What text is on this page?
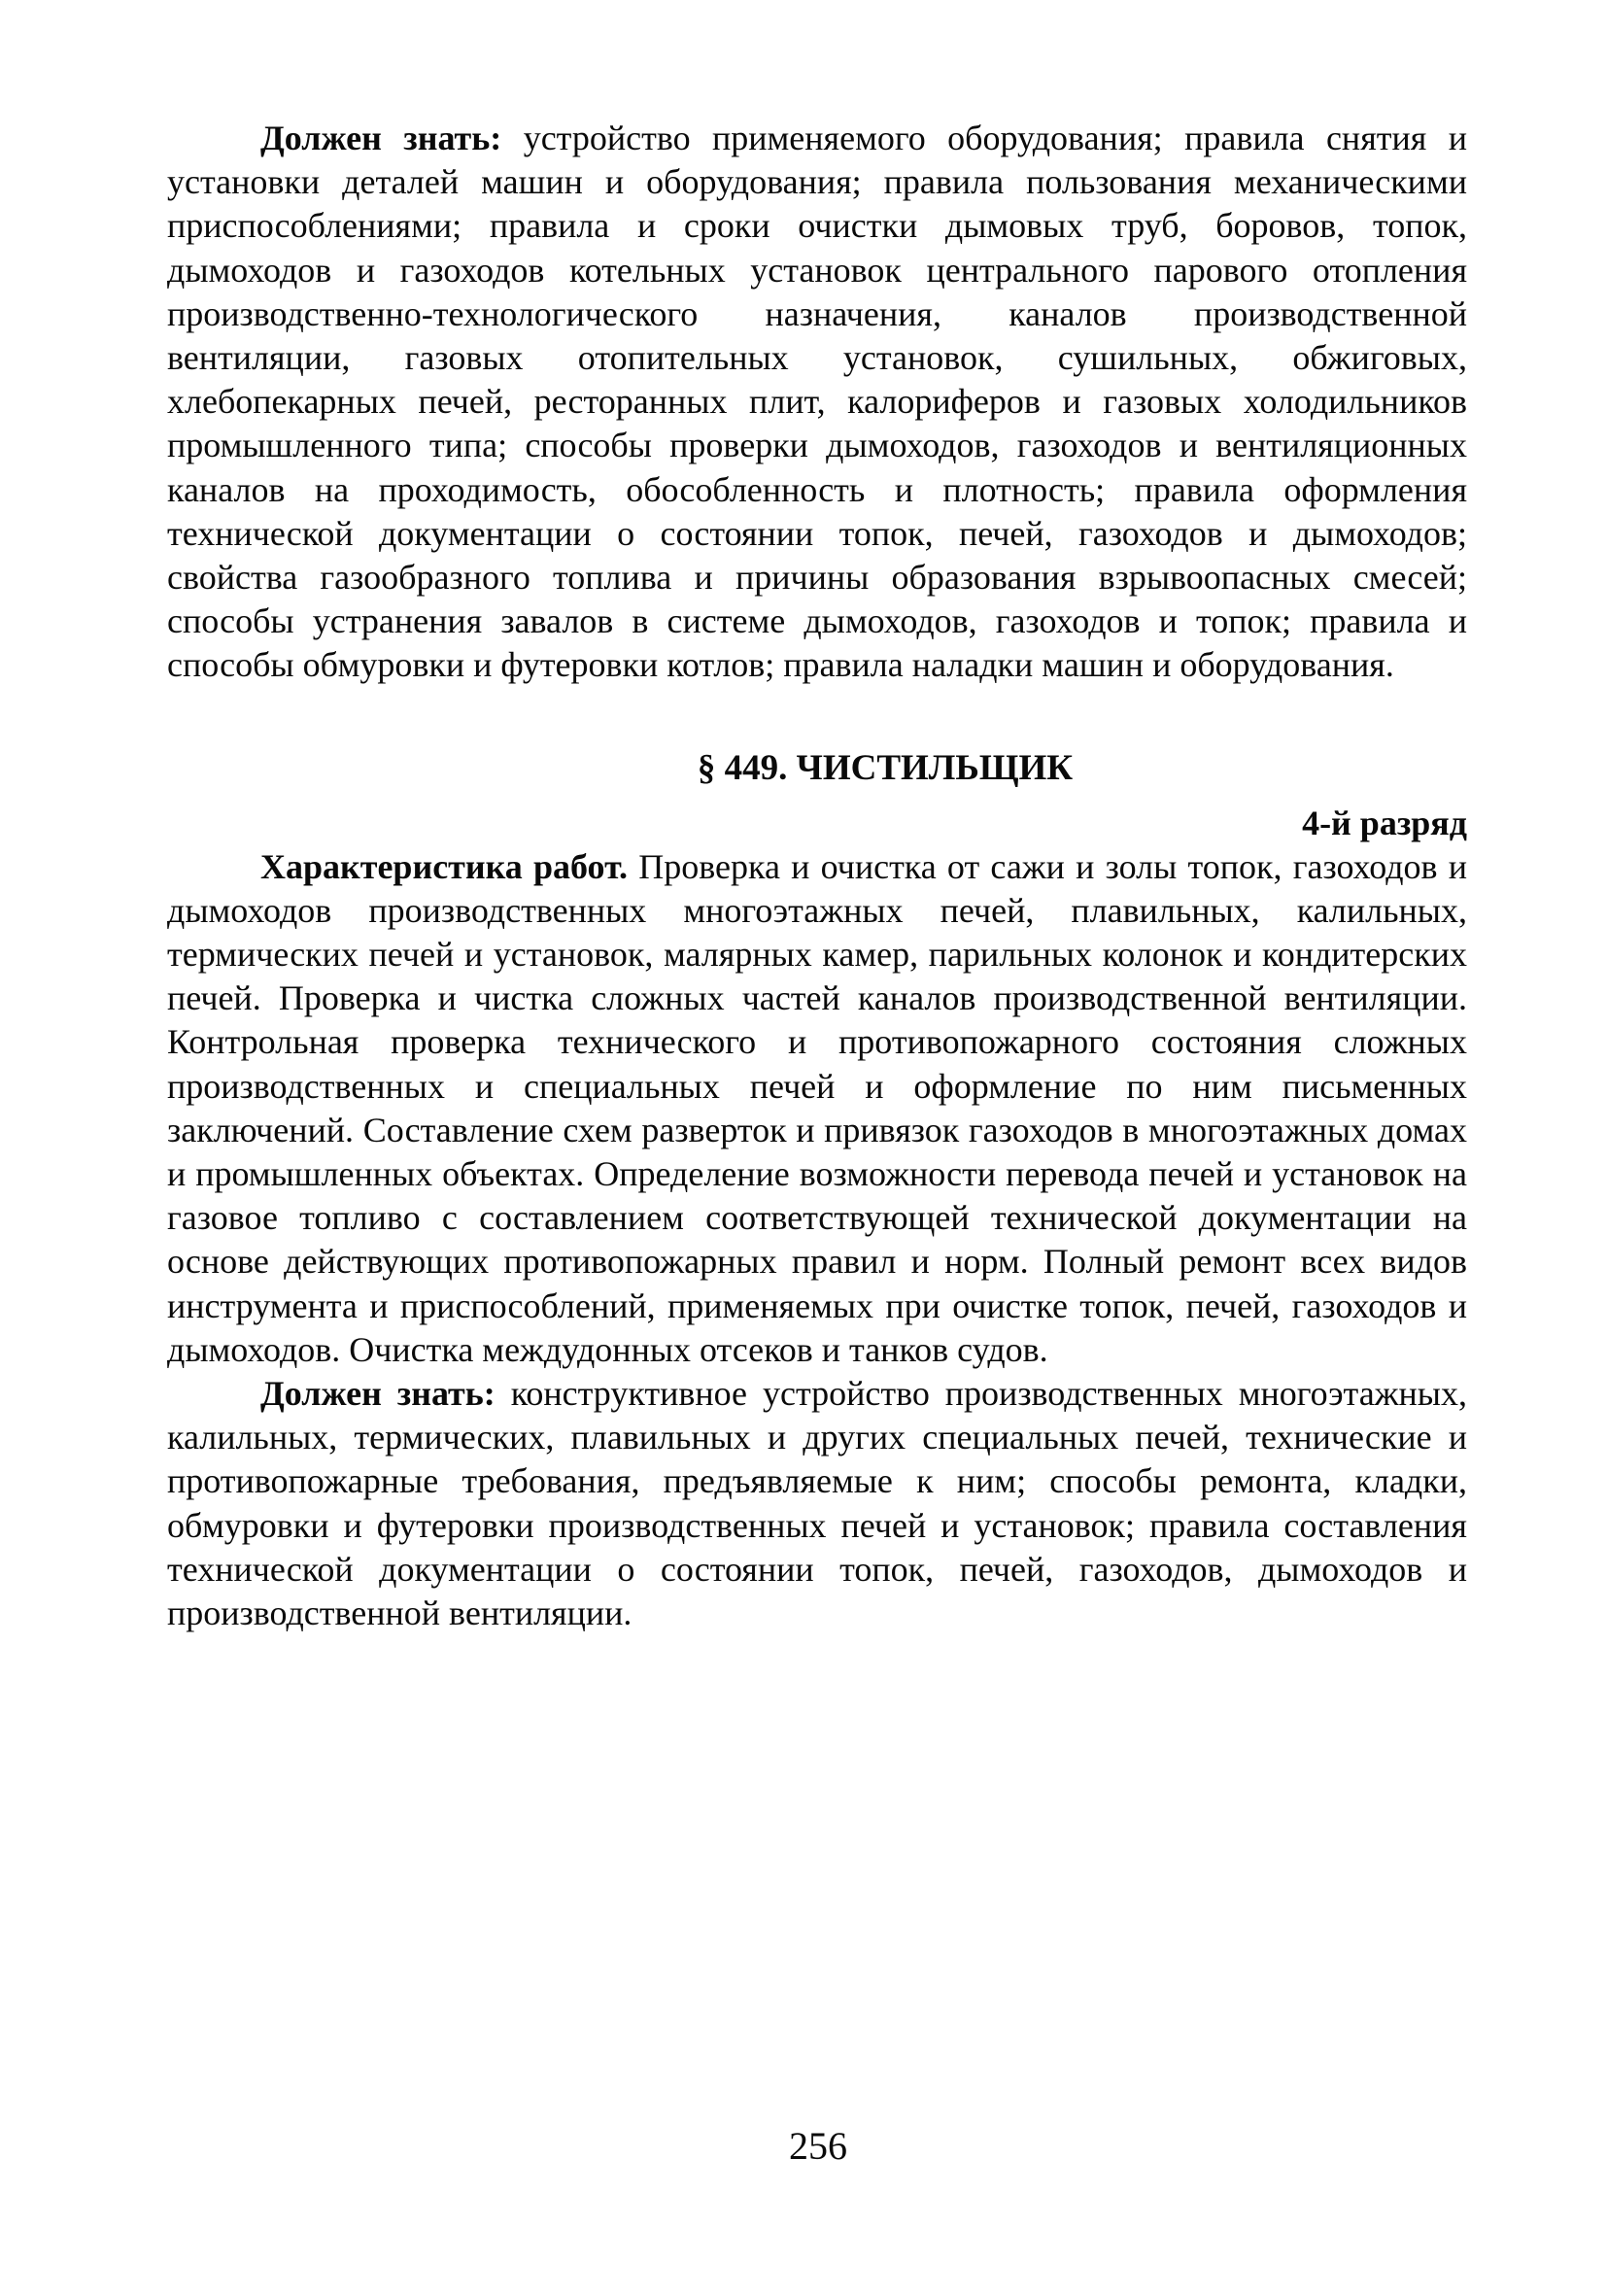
Должен знать: устройство применяемого оборудования; правила снятия и установки деталей машин и оборудования; правила пользования механическими приспособлениями; правила и сроки очистки дымовых труб, боровов, топок, дымоходов и газоходов котельных установок центрального парового отопления производственно-технологического назначения, каналов производственной вентиляции, газовых отопительных установок, сушильных, обжиговых, хлебопекарных печей, ресторанных плит, калориферов и газовых холодильников промышленного типа; способы проверки дымоходов, газоходов и вентиляционных каналов на проходимость, обособленность и плотность; правила оформления технической документации о состоянии топок, печей, газоходов и дымоходов; свойства газообразного топлива и причины образования взрывоопасных смесей; способы устранения завалов в системе дымоходов, газоходов и топок; правила и способы обмуровки и футеровки котлов; правила наладки машин и оборудования.

§ 449. ЧИСТИЛЬЩИК
4-й разряд

Характеристика работ. Проверка и очистка от сажи и золы топок, газоходов и дымоходов производственных многоэтажных печей, плавильных, калильных, термических печей и установок, малярных камер, парильных колонок и кондитерских печей. Проверка и чистка сложных частей каналов производственной вентиляции. Контрольная проверка технического и противопожарного состояния сложных производственных и специальных печей и оформление по ним письменных заключений. Составление схем разверток и привязок газоходов в многоэтажных домах и промышленных объектах. Определение возможности перевода печей и установок на газовое топливо с составлением соответствующей технической документации на основе действующих противопожарных правил и норм. Полный ремонт всех видов инструмента и приспособлений, применяемых при очистке топок, печей, газоходов и дымоходов. Очистка междудонных отсеков и танков судов.

Должен знать: конструктивное устройство производственных многоэтажных, калильных, термических, плавильных и других специальных печей, технические и противопожарные требования, предъявляемые к ним; способы ремонта, кладки, обмуровки и футеровки производственных печей и установок; правила составления технической документации о состоянии топок, печей, газоходов, дымоходов и производственной вентиляции.

256
